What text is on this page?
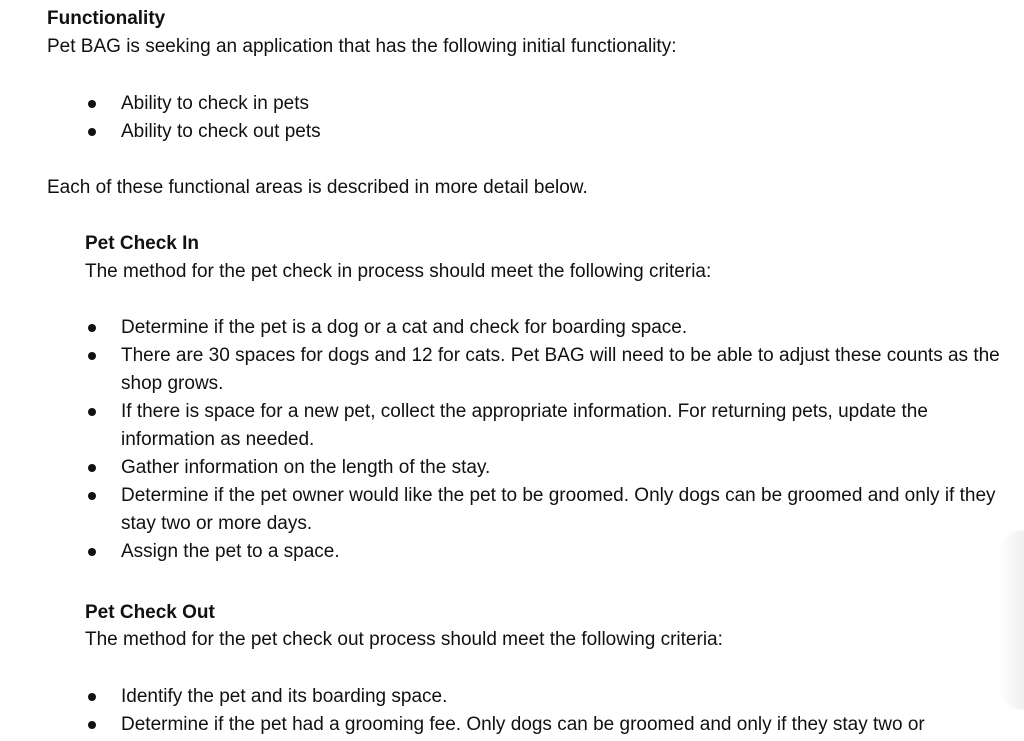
Functionality
Pet BAG is seeking an application that has the following initial functionality:
Ability to check in pets
Ability to check out pets
Each of these functional areas is described in more detail below.
Pet Check In
The method for the pet check in process should meet the following criteria:
Determine if the pet is a dog or a cat and check for boarding space.
There are 30 spaces for dogs and 12 for cats. Pet BAG will need to be able to adjust these counts as the shop grows.
If there is space for a new pet, collect the appropriate information. For returning pets, update the information as needed.
Gather information on the length of the stay.
Determine if the pet owner would like the pet to be groomed. Only dogs can be groomed and only if they stay two or more days.
Assign the pet to a space.
Pet Check Out
The method for the pet check out process should meet the following criteria:
Identify the pet and its boarding space.
Determine if the pet had a grooming fee. Only dogs can be groomed and only if they stay two or
